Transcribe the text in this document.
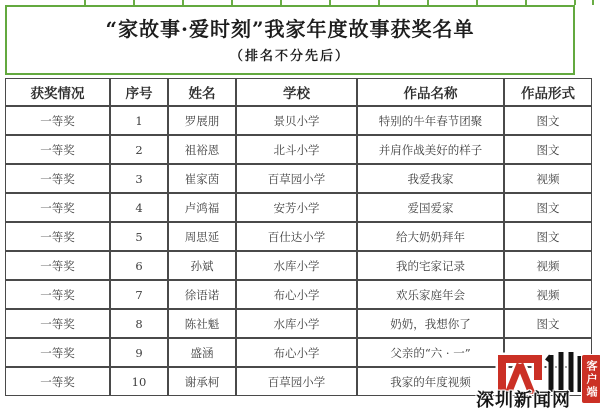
“家故事·爱时刻”我家年度故事获奖名单
（排名不分先后）
获奖情况	序号	姓名	学校	作品名称	作品形式
一等奖	1	罗展朋	景贝小学	特别的牛年春节团聚	图文
一等奖	2	祖裕恩	北斗小学	并肩作战美好的样子	图文
一等奖	3	崔家茵	百草园小学	我爱我家	视频
一等奖	4	卢鸿福	安芳小学	爱国爱家	图文
一等奖	5	周思延	百仕达小学	给大奶奶拜年	图文
一等奖	6	孙斌	水库小学	我的宅家记录	视频
一等奖	7	徐语诺	布心小学	欢乐家庭年会	视频
一等奖	8	陈社魁	水库小学	奶奶，我想你了	图文
一等奖	9	盛涵	布心小学	父亲的“六 · 一”	
一等奖	10	谢承柯	百草园小学	我家的年度视频		客户端
深圳新闻网
